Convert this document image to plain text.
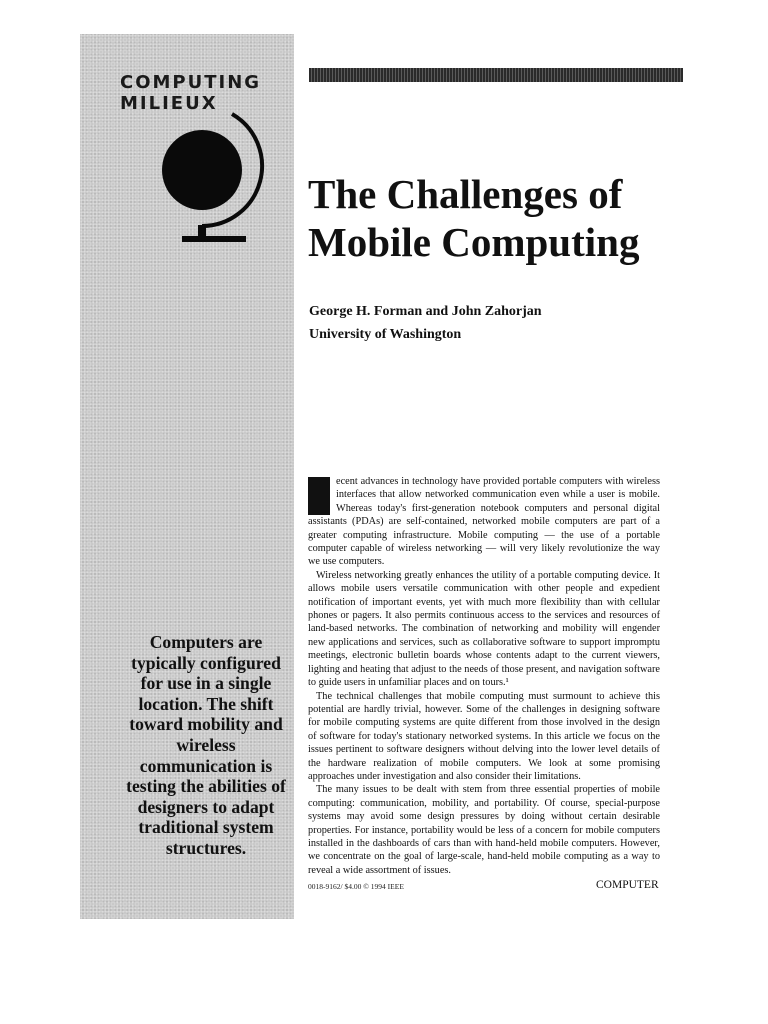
COMPUTING
MILIEUX

Computers are typically configured for use in a single location. The shift toward mobility and wireless communication is testing the abilities of designers to adapt traditional system structures.

The Challenges of
Mobile Computing
George H. Forman and John Zahorjan
University of Washington

ecent advances in technology have provided portable computers with wireless interfaces that allow networked communication even while a user is mobile. Whereas today's first-generation notebook computers and personal digital assistants (PDAs) are self-contained, networked mobile computers are part of a greater computing infrastructure. Mobile computing — the use of a portable computer capable of wireless networking — will very likely revolutionize the way we use computers.

Wireless networking greatly enhances the utility of a portable computing device. It allows mobile users versatile communication with other people and expedient notification of important events, yet with much more flexibility than with cellular phones or pagers. It also permits continuous access to the services and resources of land-based networks. The combination of networking and mobility will engender new applications and services, such as collaborative software to support impromptu meetings, electronic bulletin boards whose contents adapt to the current viewers, lighting and heating that adjust to the needs of those present, and navigation software to guide users in unfamiliar places and on tours.¹

The technical challenges that mobile computing must surmount to achieve this potential are hardly trivial, however. Some of the challenges in designing software for mobile computing systems are quite different from those involved in the design of software for today's stationary networked systems. In this article we focus on the issues pertinent to software designers without delving into the lower level details of the hardware realization of mobile computers. We look at some promising approaches under investigation and also consider their limitations.

The many issues to be dealt with stem from three essential properties of mobile computing: communication, mobility, and portability. Of course, special-purpose systems may avoid some design pressures by doing without certain desirable properties. For instance, portability would be less of a concern for mobile computers installed in the dashboards of cars than with hand-held mobile computers. However, we concentrate on the goal of large-scale, hand-held mobile computing as a way to reveal a wide assortment of issues.

0018-9162/ $4.00 © 1994 IEEE	COMPUTER
